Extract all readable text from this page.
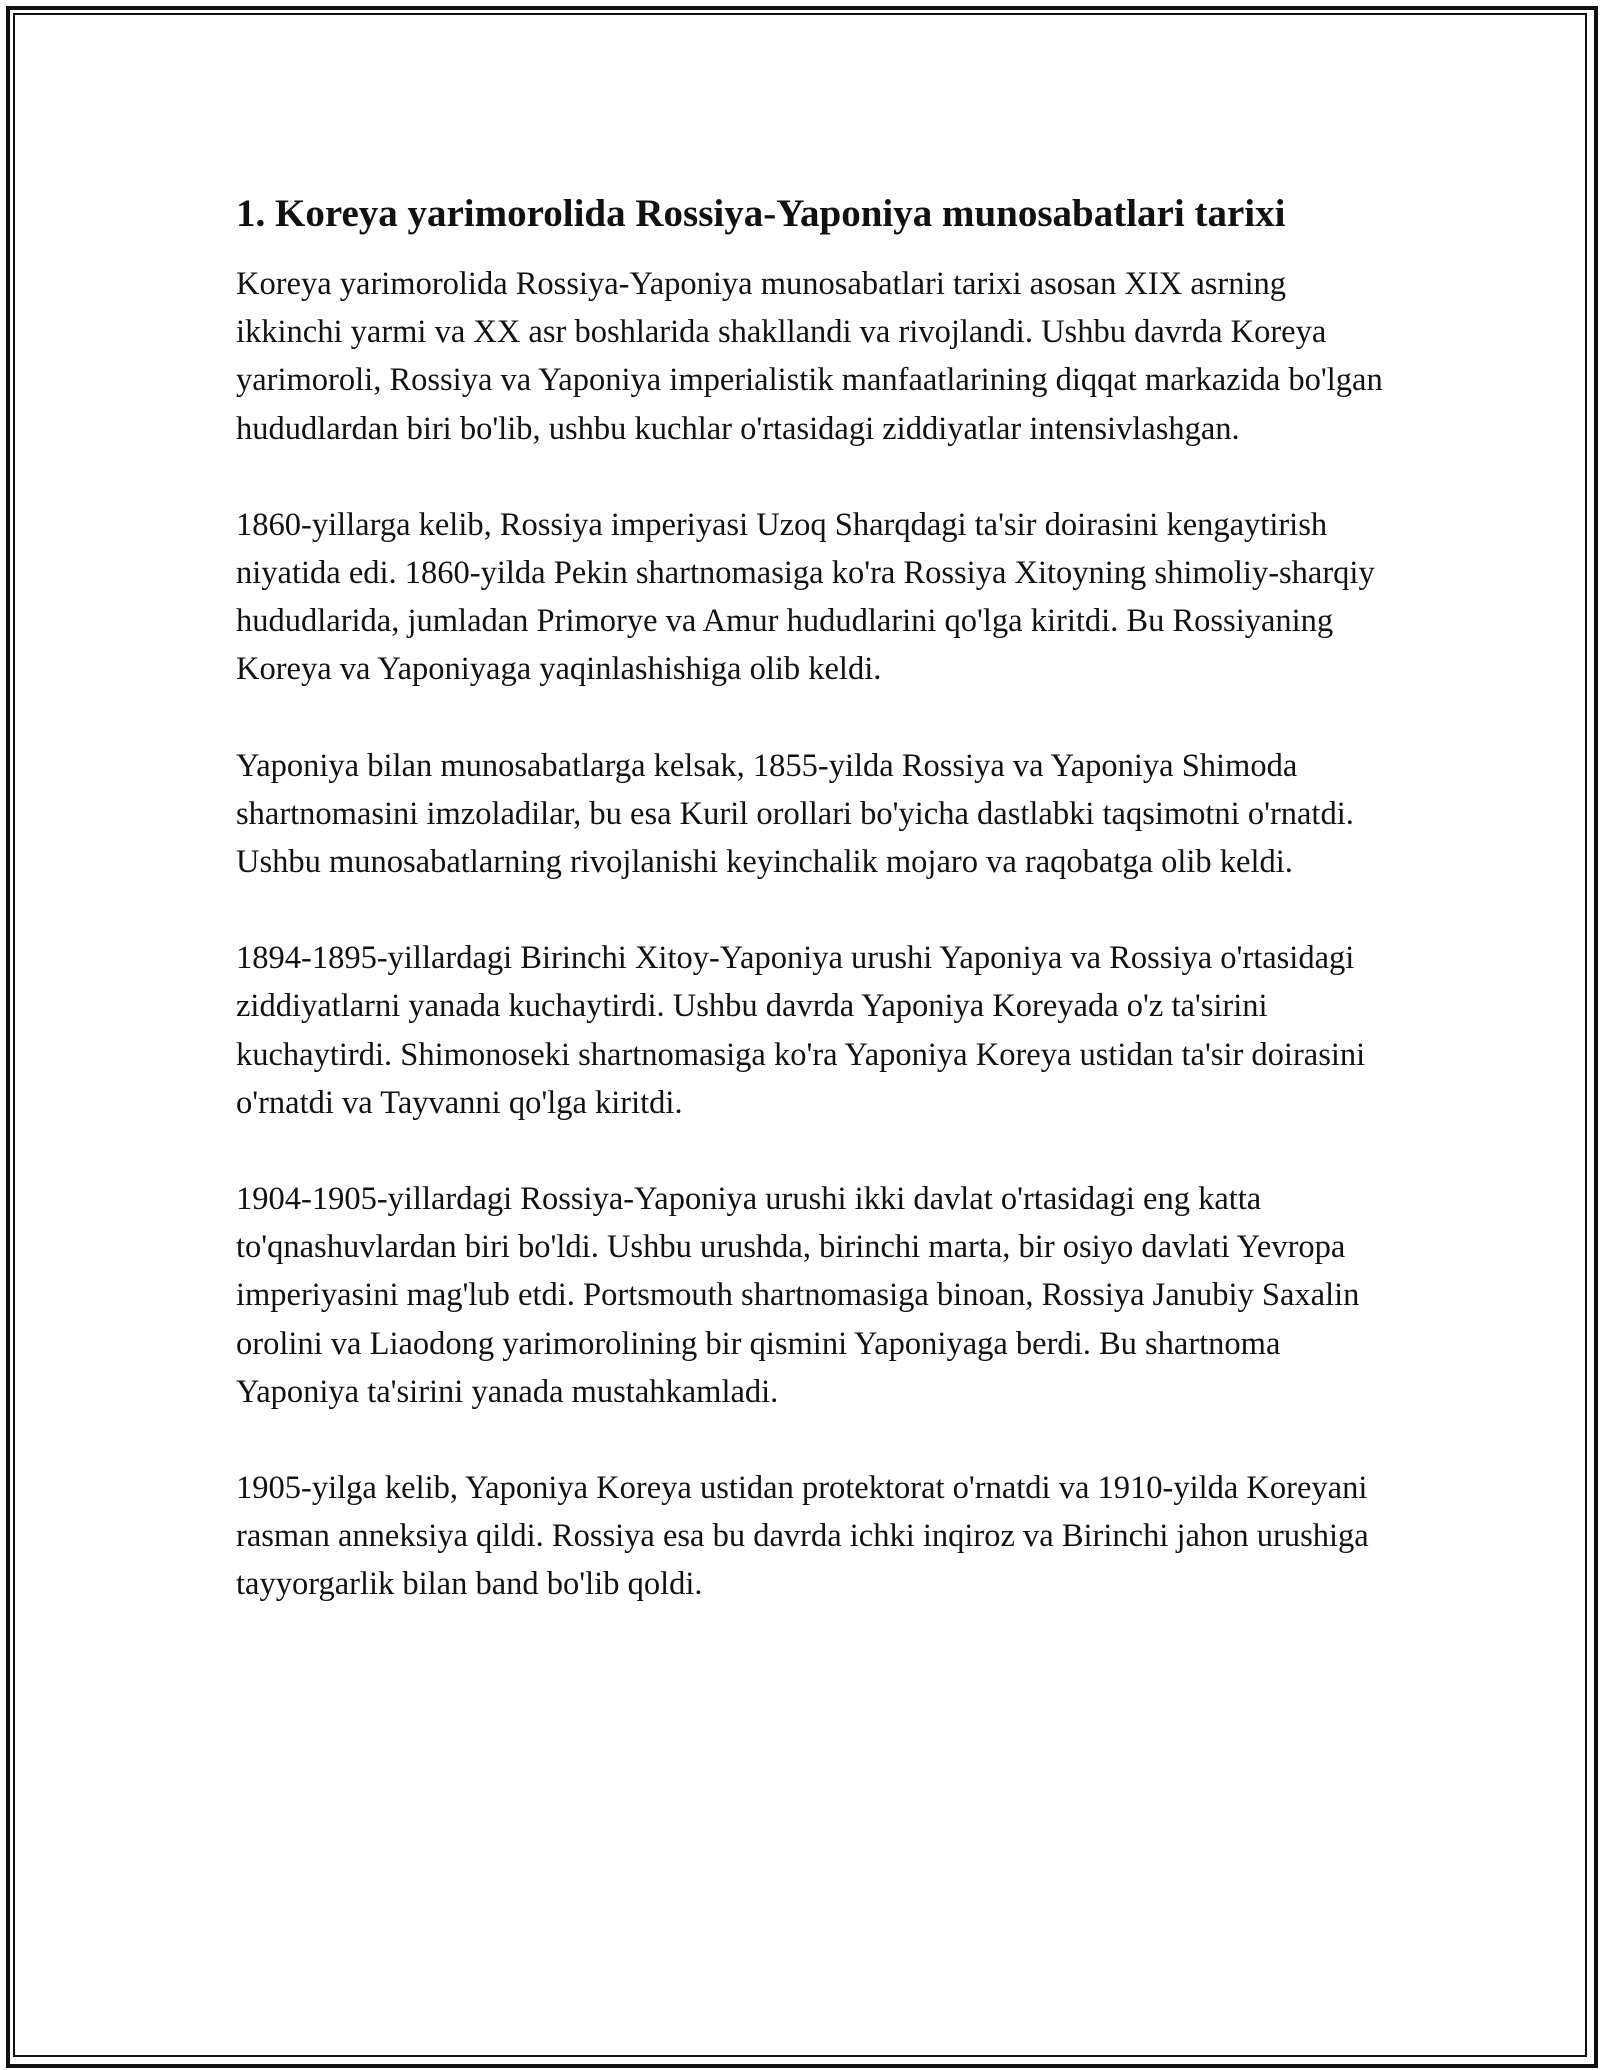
1. Koreya yarimorolida Rossiya-Yaponiya munosabatlari tarixi

Koreya yarimorolida Rossiya-Yaponiya munosabatlari tarixi asosan XIX asrning ikkinchi yarmi va XX asr boshlarida shakllandi va rivojlandi. Ushbu davrda Koreya yarimoroli, Rossiya va Yaponiya imperialistik manfaatlarining diqqat markazida bo'lgan hududlardan biri bo'lib, ushbu kuchlar o'rtasidagi ziddiyatlar intensivlashgan.

1860-yillarga kelib, Rossiya imperiyasi Uzoq Sharqdagi ta'sir doirasini kengaytirish niyatida edi. 1860-yilda Pekin shartnomasiga ko'ra Rossiya Xitoyning shimoliy-sharqiy hududlarida, jumladan Primorye va Amur hududlarini qo'lga kiritdi. Bu Rossiyaning Koreya va Yaponiyaga yaqinlashishiga olib keldi.

Yaponiya bilan munosabatlarga kelsak, 1855-yilda Rossiya va Yaponiya Shimoda shartnomasini imzoladilar, bu esa Kuril orollari bo'yicha dastlabki taqsimotni o'rnatdi. Ushbu munosabatlarning rivojlanishi keyinchalik mojaro va raqobatga olib keldi.

1894-1895-yillardagi Birinchi Xitoy-Yaponiya urushi Yaponiya va Rossiya o'rtasidagi ziddiyatlarni yanada kuchaytirdi. Ushbu davrda Yaponiya Koreyada o'z ta'sirini kuchaytirdi. Shimonoseki shartnomasiga ko'ra Yaponiya Koreya ustidan ta'sir doirasini o'rnatdi va Tayvanni qo'lga kiritdi.

1904-1905-yillardagi Rossiya-Yaponiya urushi ikki davlat o'rtasidagi eng katta to'qnashuvlardan biri bo'ldi. Ushbu urushda, birinchi marta, bir osiyo davlati Yevropa imperiyasini mag'lub etdi. Portsmouth shartnomasiga binoan, Rossiya Janubiy Saxalin orolini va Liaodong yarimorolining bir qismini Yaponiyaga berdi. Bu shartnoma Yaponiya ta'sirini yanada mustahkamladi.

1905-yilga kelib, Yaponiya Koreya ustidan protektorat o'rnatdi va 1910-yilda Koreyani rasman anneksiya qildi. Rossiya esa bu davrda ichki inqiroz va Birinchi jahon urushiga tayyorgarlik bilan band bo'lib qoldi.
